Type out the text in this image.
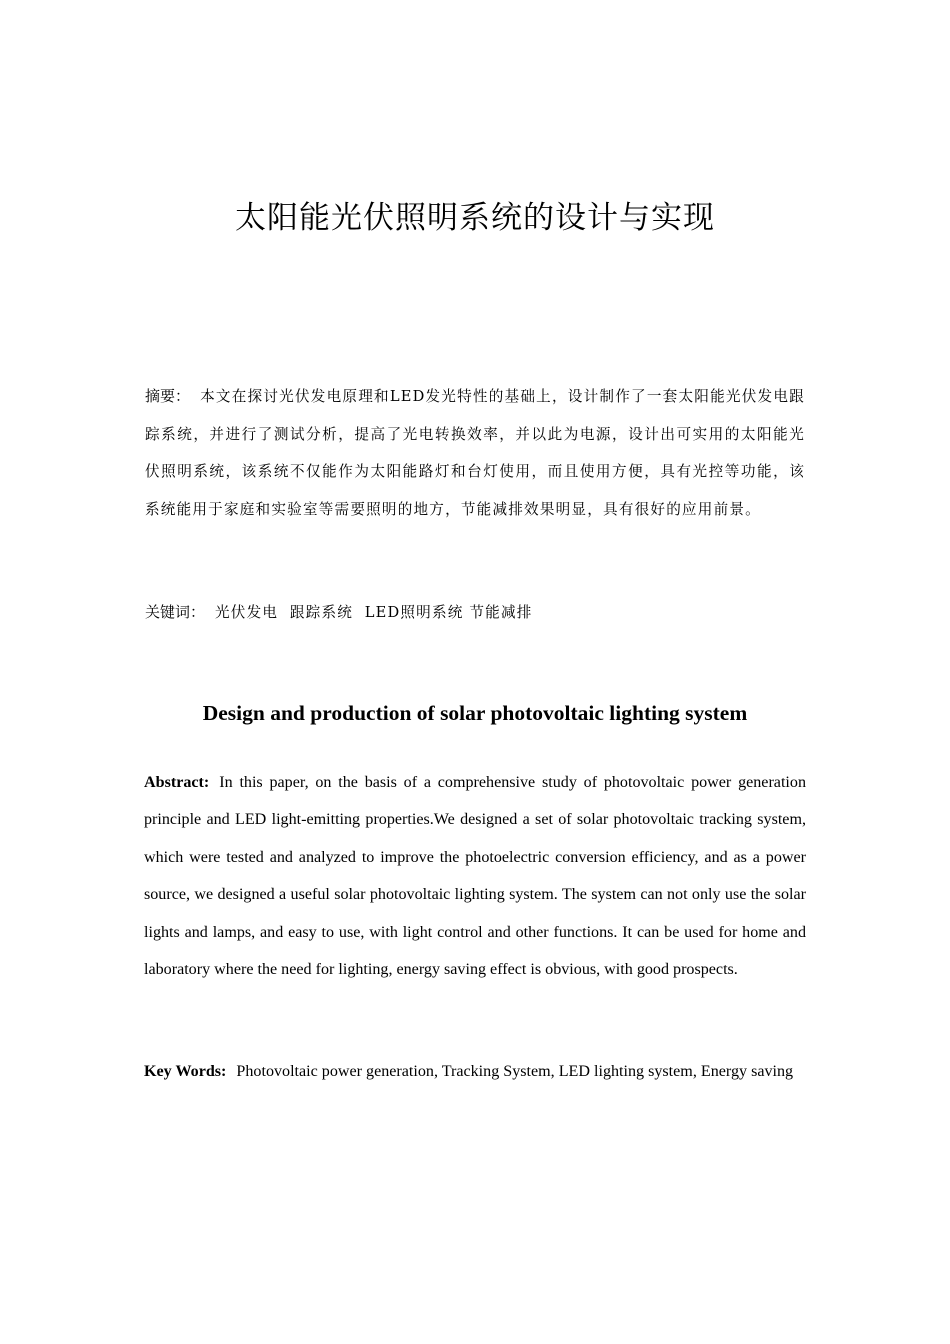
太阳能光伏照明系统的设计与实现
摘要： 本文在探讨光伏发电原理和LED发光特性的基础上，设计制作了一套太阳能光伏发电跟踪系统，并进行了测试分析，提高了光电转换效率，并以此为电源，设计出可实用的太阳能光伏照明系统，该系统不仅能作为太阳能路灯和台灯使用，而且使用方便，具有光控等功能，该系统能用于家庭和实验室等需要照明的地方，节能减排效果明显，具有很好的应用前景。
关键词： 光伏发电  跟踪系统  LED照明系统 节能减排
Design and production of solar photovoltaic lighting system
Abstract: In this paper, on the basis of a comprehensive study of photovoltaic power generation principle and LED light-emitting properties.We designed a set of solar photovoltaic tracking system, which were tested and analyzed to improve the photoelectric conversion efficiency, and as a power source, we designed a useful solar photovoltaic lighting system. The system can not only use the solar lights and lamps, and easy to use, with light control and other functions. It can be used for home and laboratory where the need for lighting, energy saving effect is obvious, with good prospects.
Key Words: Photovoltaic power generation, Tracking System, LED lighting system, Energy saving
